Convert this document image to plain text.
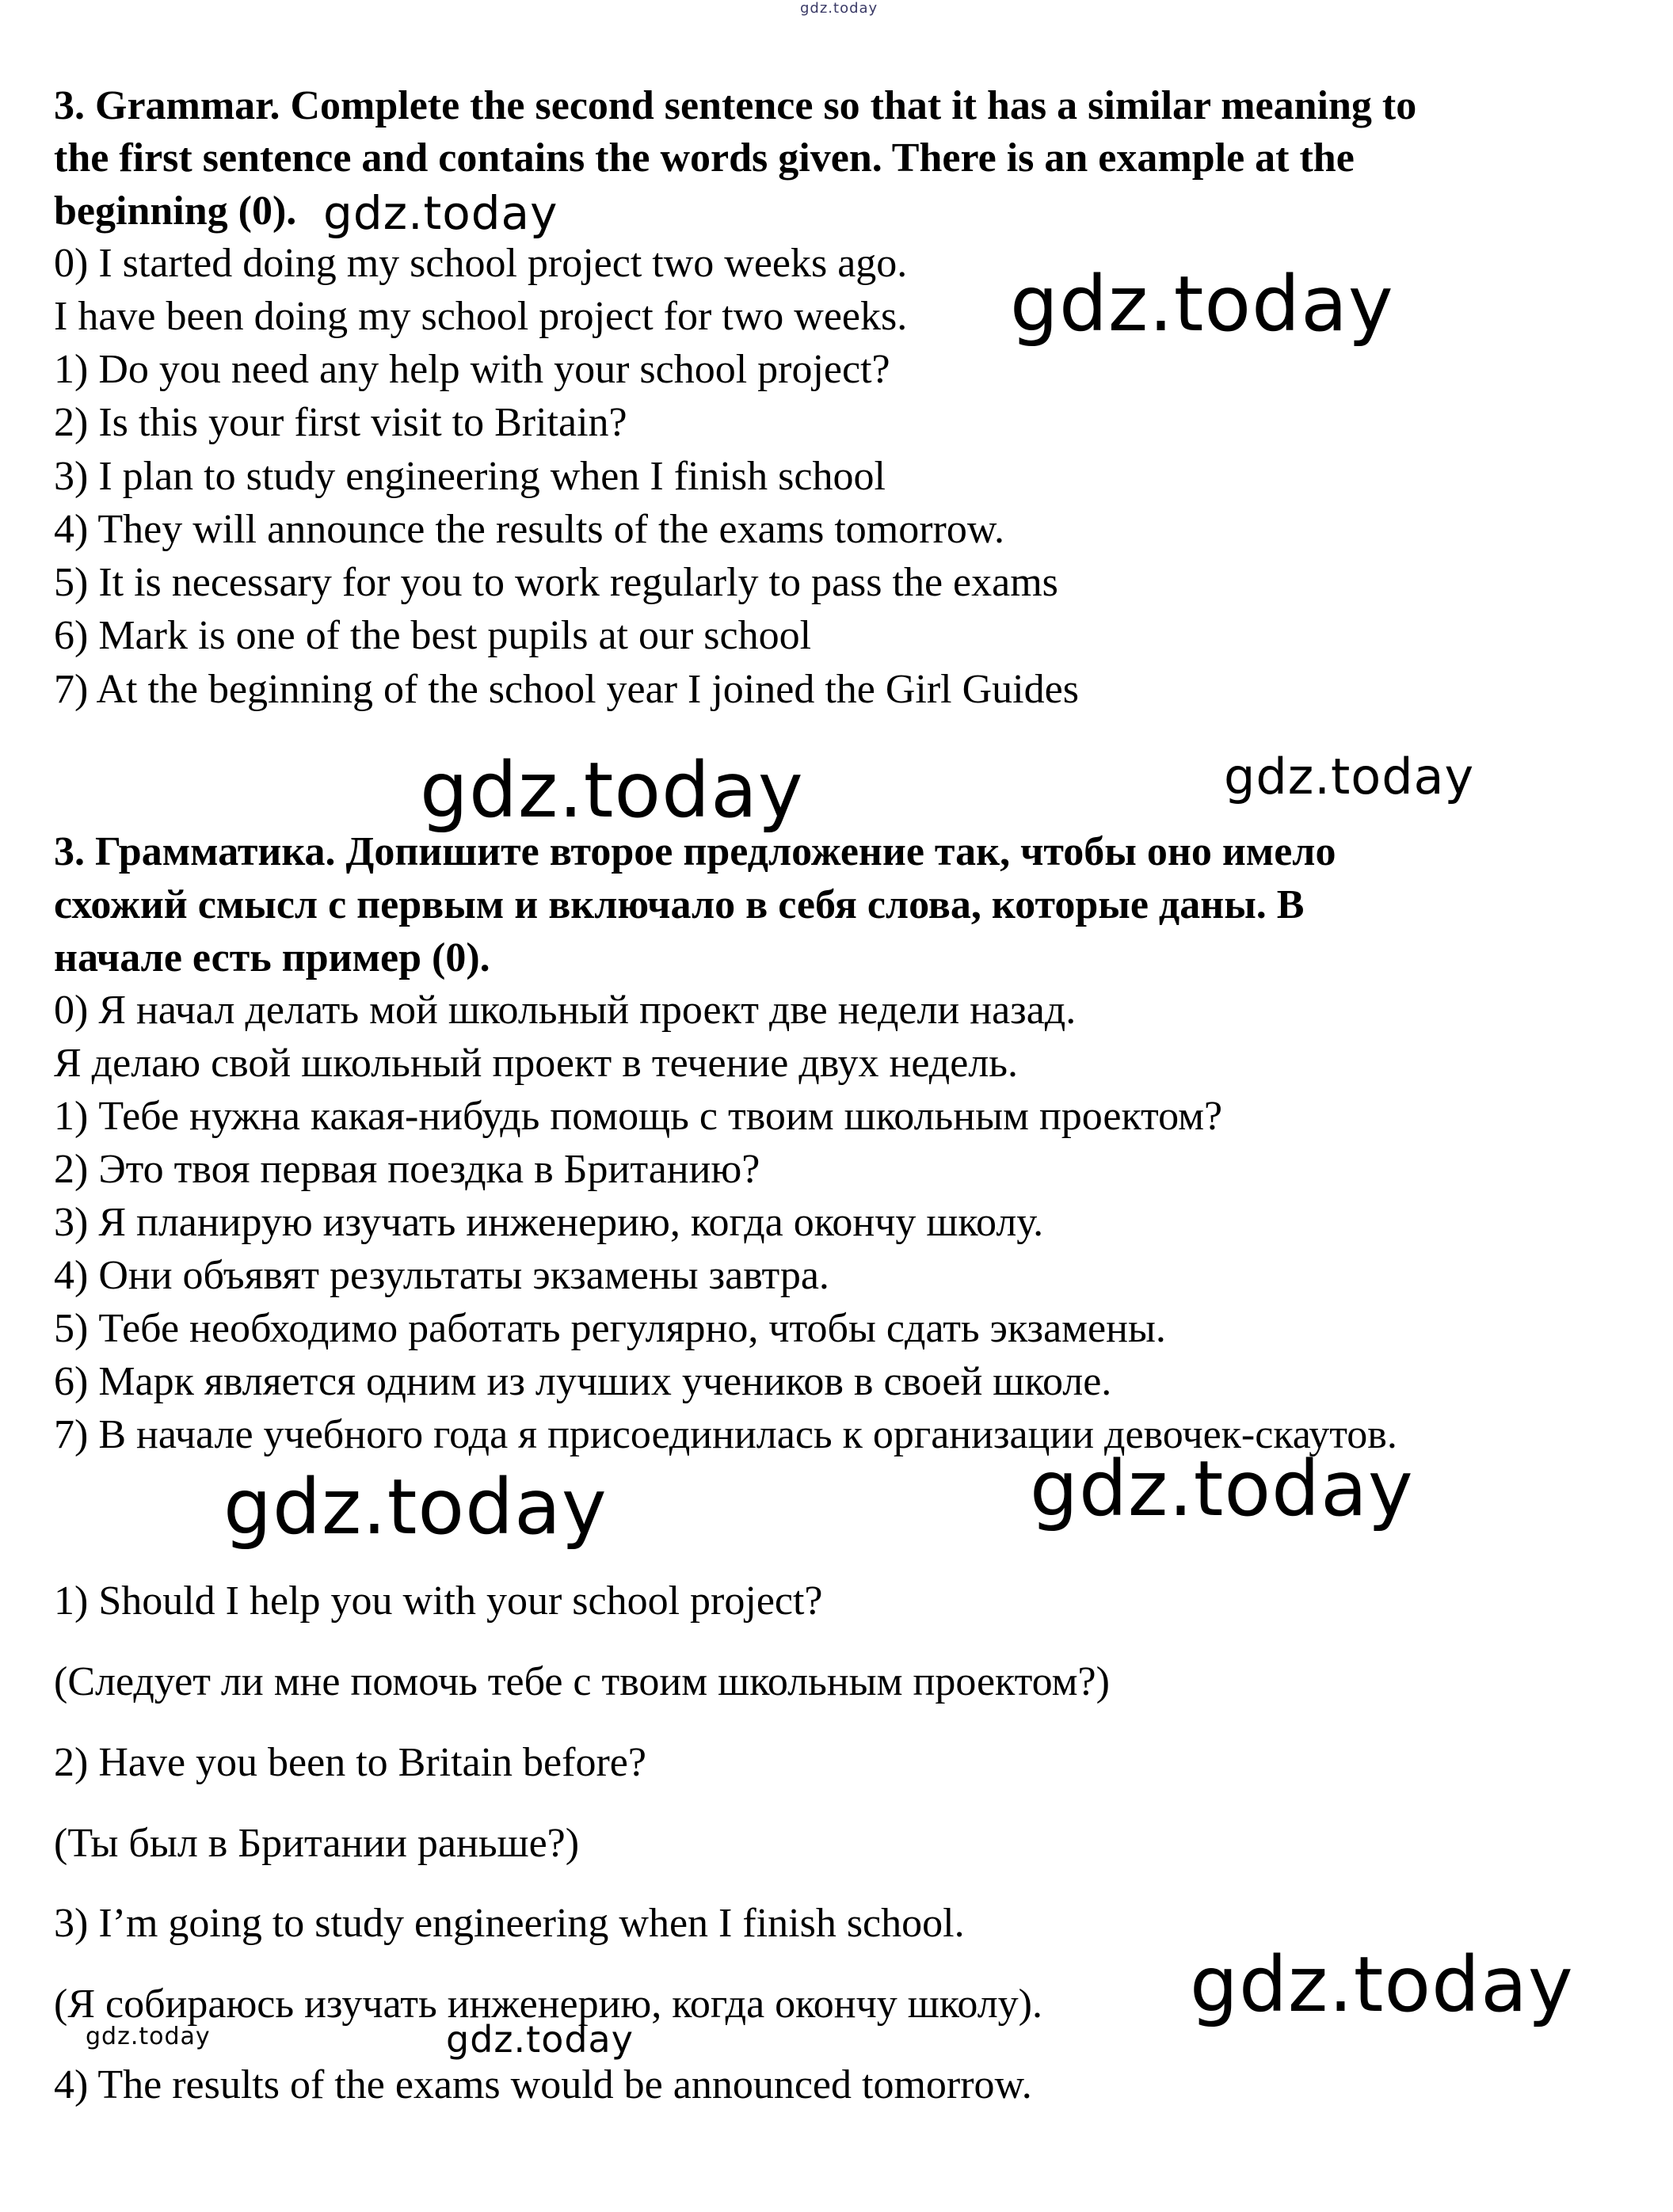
3. Grammar. Complete the second sentence so that it has a similar meaning to

the first sentence and contains the words given. There is an example at the

beginning (0).

0) I started doing my school project two weeks ago.

I have been doing my school project for two weeks.

1) Do you need any help with your school project?

2) Is this your first visit to Britain?

3) I plan to study engineering when I finish school

4) They will announce the results of the exams tomorrow.

5) It is necessary for you to work regularly to pass the exams

6) Mark is one of the best pupils at our school

7) At the beginning of the school year I joined the Girl Guides

3. Грамматика. Допишите второе предложение так, чтобы оно имело

схожий смысл с первым и включало в себя слова, которые даны. В

начале есть пример (0).

0) Я начал делать мой школьный проект две недели назад.

Я делаю свой школьный проект в течение двух недель.

1) Тебе нужна какая-нибудь помощь с твоим школьным проектом?

2) Это твоя первая поездка в Британию?

3) Я планирую изучать инженерию, когда окончу школу.

4) Они объявят результаты экзамены завтра.

5) Тебе необходимо работать регулярно, чтобы сдать экзамены.

6) Марк является одним из лучших учеников в своей школе.

7) В начале учебного года я присоединилась к организации девочек-скаутов.

1) Should I help you with your school project?

(Следует ли мне помочь тебе с твоим школьным проектом?)

2) Have you been to Britain before?

(Ты был в Британии раньше?)

3) I’m going to study engineering when I finish school.

(Я собираюсь изучать инженерию, когда окончу школу).

4) The results of the exams would be announced tomorrow.

gdz.today

gdz.today

gdz.today

gdz.today	gdz.today

gdz.today	gdz.today

gdz.today

gdz.today	gdz.today
